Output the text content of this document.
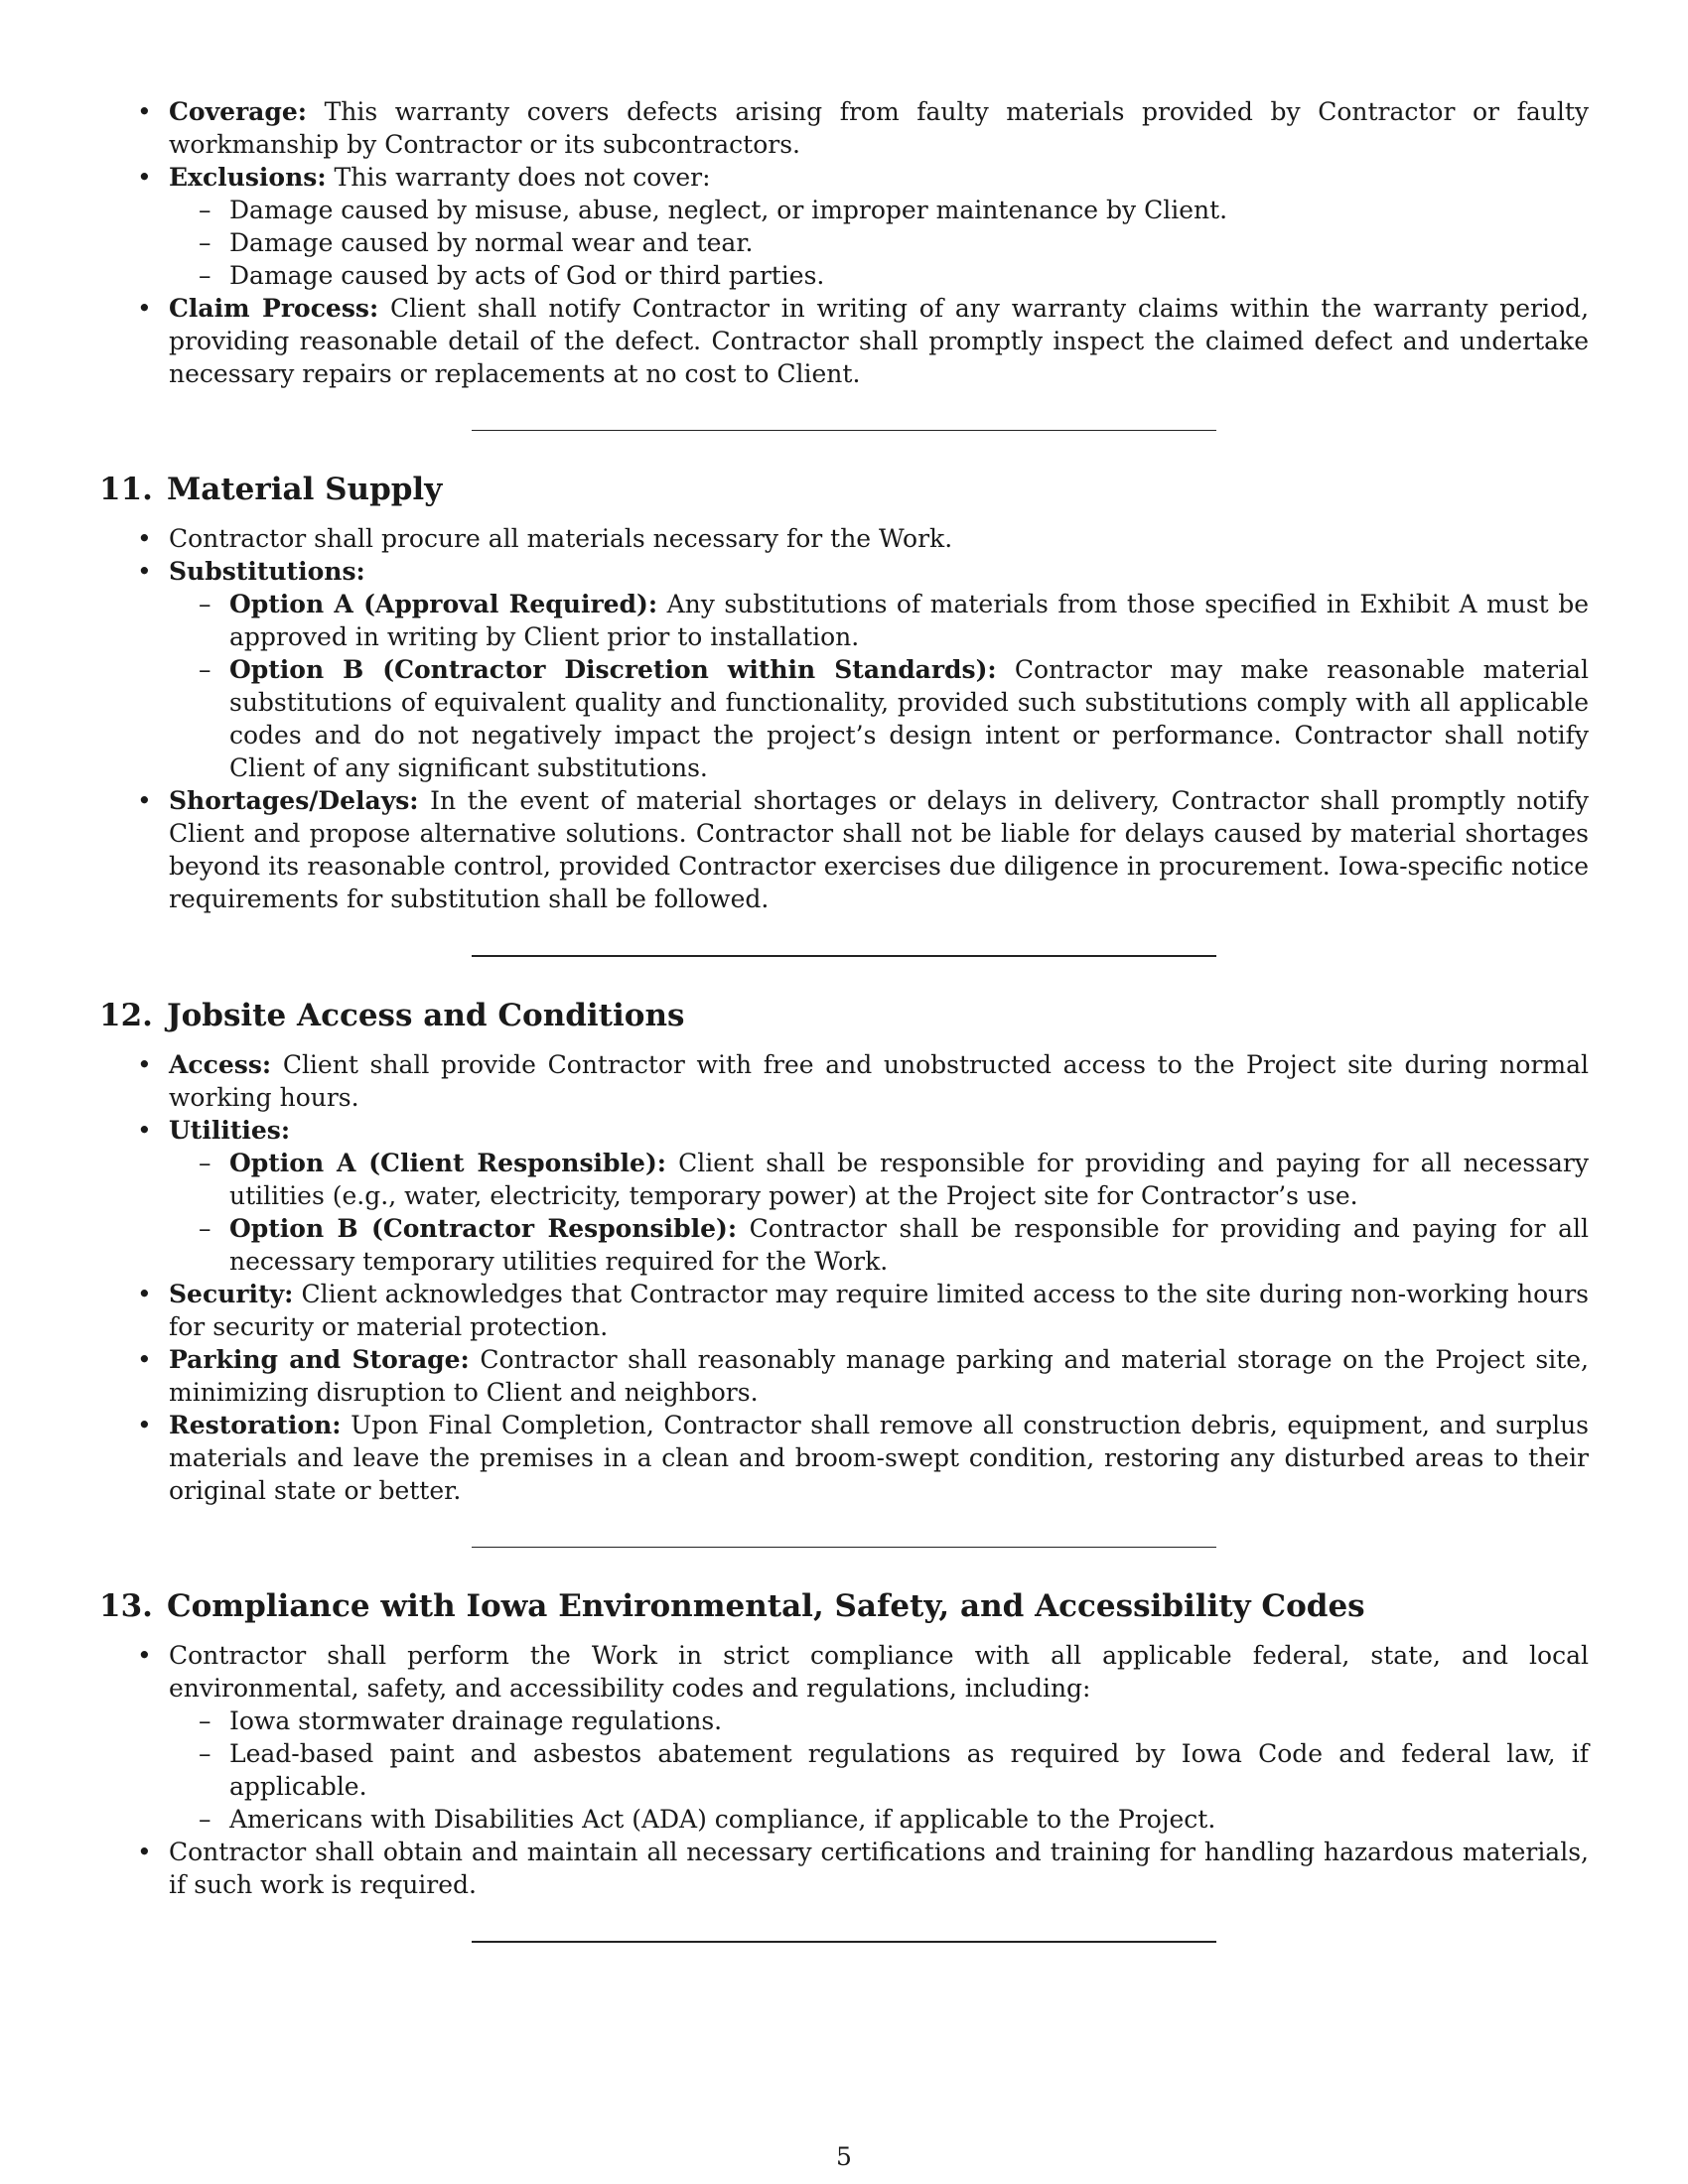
• Coverage: This warranty covers defects arising from faulty materials provided by Contractor or faulty workmanship by Contractor or its subcontractors.
• Exclusions: This warranty does not cover:
– Damage caused by misuse, abuse, neglect, or improper maintenance by Client.
– Damage caused by normal wear and tear.
– Damage caused by acts of God or third parties.
• Claim Process: Client shall notify Contractor in writing of any warranty claims within the warranty period, providing reasonable detail of the defect. Contractor shall promptly inspect the claimed defect and undertake necessary repairs or replacements at no cost to Client.
11. Material Supply
• Contractor shall procure all materials necessary for the Work.
• Substitutions:
– Option A (Approval Required): Any substitutions of materials from those specified in Exhibit A must be approved in writing by Client prior to installation.
– Option B (Contractor Discretion within Standards): Contractor may make reasonable material substitutions of equivalent quality and functionality, provided such substitutions comply with all applicable codes and do not negatively impact the project’s design intent or performance. Contractor shall notify Client of any significant substitutions.
• Shortages/Delays: In the event of material shortages or delays in delivery, Contractor shall promptly notify Client and propose alternative solutions. Contractor shall not be liable for delays caused by material shortages beyond its reasonable control, provided Contractor exercises due diligence in procurement. Iowa-specific notice requirements for substitution shall be followed.
12. Jobsite Access and Conditions
• Access: Client shall provide Contractor with free and unobstructed access to the Project site during normal working hours.
• Utilities:
– Option A (Client Responsible): Client shall be responsible for providing and paying for all necessary utilities (e.g., water, electricity, temporary power) at the Project site for Contractor’s use.
– Option B (Contractor Responsible): Contractor shall be responsible for providing and paying for all necessary temporary utilities required for the Work.
• Security: Client acknowledges that Contractor may require limited access to the site during non-working hours for security or material protection.
• Parking and Storage: Contractor shall reasonably manage parking and material storage on the Project site, minimizing disruption to Client and neighbors.
• Restoration: Upon Final Completion, Contractor shall remove all construction debris, equipment, and surplus materials and leave the premises in a clean and broom-swept condition, restoring any disturbed areas to their original state or better.
13. Compliance with Iowa Environmental, Safety, and Accessibility Codes
• Contractor shall perform the Work in strict compliance with all applicable federal, state, and local environmental, safety, and accessibility codes and regulations, including:
– Iowa stormwater drainage regulations.
– Lead-based paint and asbestos abatement regulations as required by Iowa Code and federal law, if applicable.
– Americans with Disabilities Act (ADA) compliance, if applicable to the Project.
• Contractor shall obtain and maintain all necessary certifications and training for handling hazardous materials, if such work is required.
5
